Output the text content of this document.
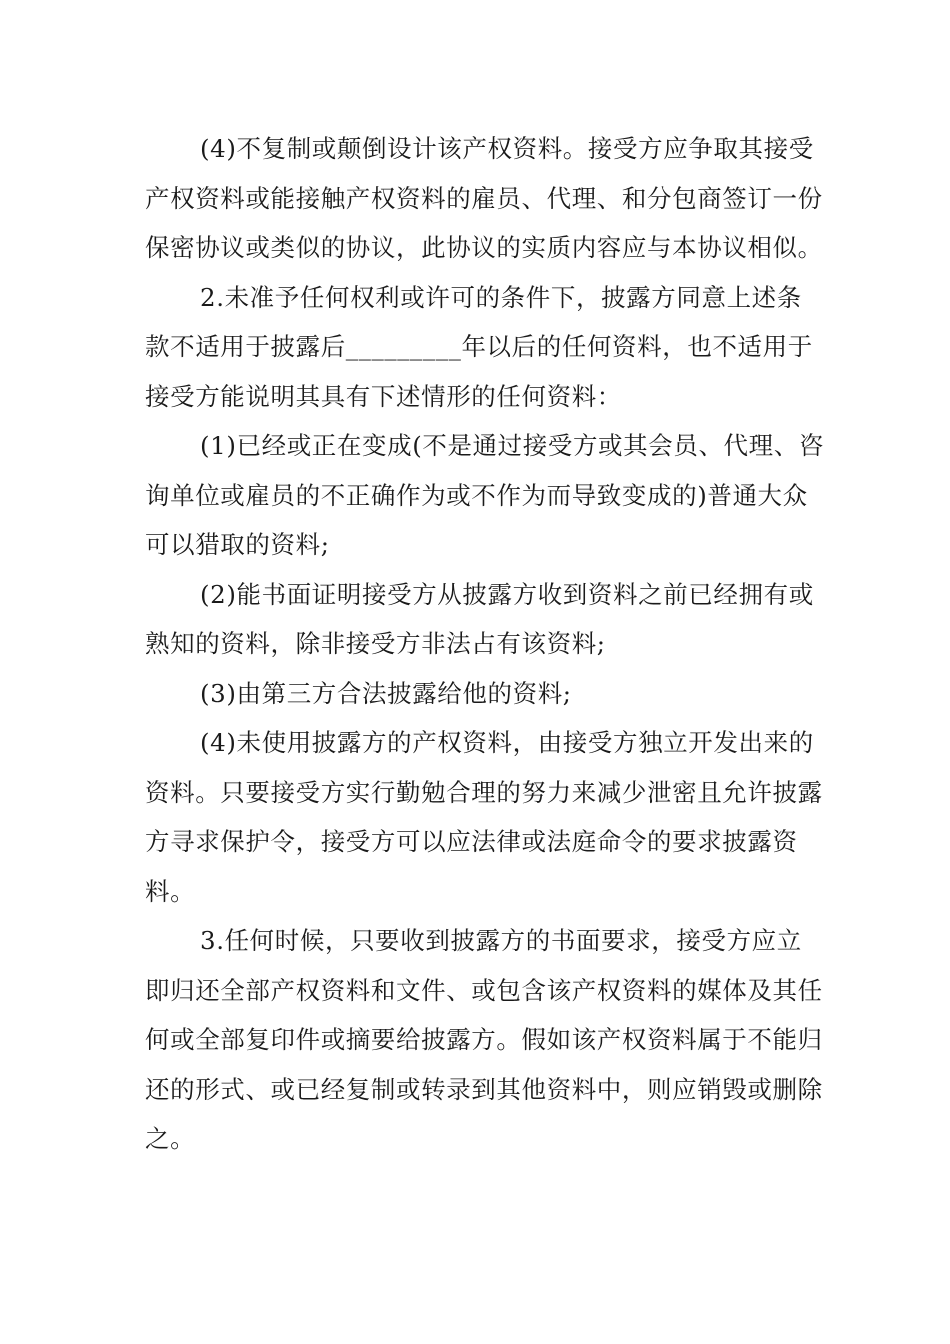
(4)不复制或颠倒设计该产权资料。接受方应争取其接受产权资料或能接触产权资料的雇员、代理、和分包商签订一份保密协议或类似的协议，此协议的实质内容应与本协议相似。

2.未准予任何权利或许可的条件下，披露方同意上述条款不适用于披露后_________年以后的任何资料，也不适用于接受方能说明其具有下述情形的任何资料：

(1)已经或正在变成(不是通过接受方或其会员、代理、咨询单位或雇员的不正确作为或不作为而导致变成的)普通大众可以猎取的资料;

(2)能书面证明接受方从披露方收到资料之前已经拥有或熟知的资料，除非接受方非法占有该资料;

(3)由第三方合法披露给他的资料;

(4)未使用披露方的产权资料，由接受方独立开发出来的资料。只要接受方实行勤勉合理的努力来减少泄密且允许披露方寻求保护令，接受方可以应法律或法庭命令的要求披露资料。

3.任何时候，只要收到披露方的书面要求，接受方应立即归还全部产权资料和文件、或包含该产权资料的媒体及其任何或全部复印件或摘要给披露方。假如该产权资料属于不能归还的形式、或已经复制或转录到其他资料中，则应销毁或删除之。
